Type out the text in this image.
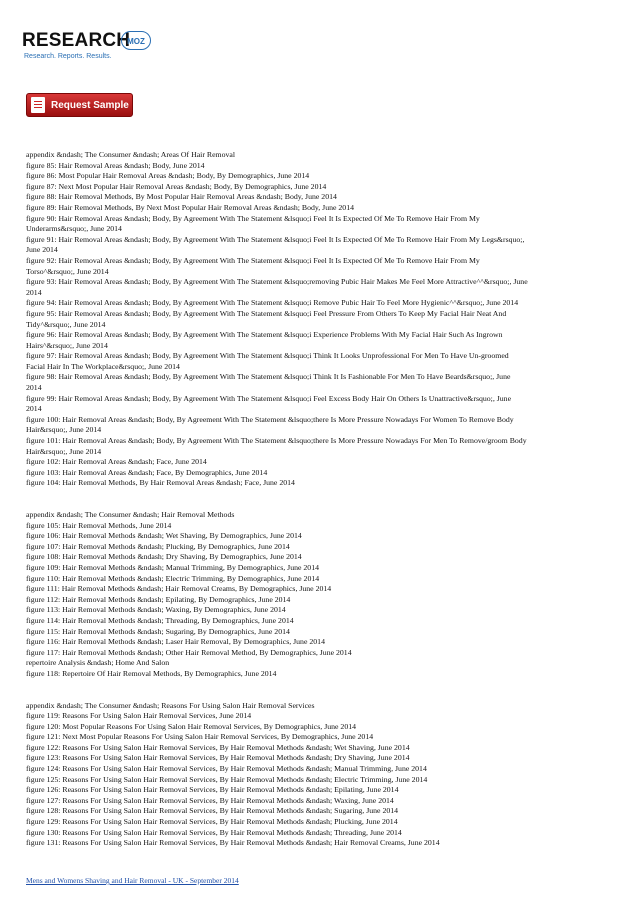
RESEARCH
MOZ
Research. Reports. Results.
Request Sample
appendix &ndash; The Consumer &ndash; Areas Of Hair Removal
figure 85: Hair Removal Areas &ndash; Body, June 2014
figure 86: Most Popular Hair Removal Areas &ndash; Body, By Demographics, June 2014
figure 87: Next Most Popular Hair Removal Areas &ndash; Body, By Demographics, June 2014
figure 88: Hair Removal Methods, By Most Popular Hair Removal Areas &ndash; Body, June 2014
figure 89: Hair Removal Methods, By Next Most Popular Hair Removal Areas &ndash; Body, June 2014
figure 90: Hair Removal Areas &ndash; Body, By Agreement With The Statement &lsquo;i Feel It Is Expected Of Me To Remove Hair From My
Underarms&rsquo;, June 2014
figure 91: Hair Removal Areas &ndash; Body, By Agreement With The Statement &lsquo;i Feel It Is Expected Of Me To Remove Hair From My Legs&rsquo;,
June 2014
figure 92: Hair Removal Areas &ndash; Body, By Agreement With The Statement &lsquo;i Feel It Is Expected Of Me To Remove Hair From My
Torso^&rsquo;, June 2014
figure 93: Hair Removal Areas &ndash; Body, By Agreement With The Statement &lsquo;removing Pubic Hair Makes Me Feel More Attractive^^&rsquo;, June
2014
figure 94: Hair Removal Areas &ndash; Body, By Agreement With The Statement &lsquo;i Remove Pubic Hair To Feel More Hygienic^^&rsquo;, June 2014
figure 95: Hair Removal Areas &ndash; Body, By Agreement With The Statement &lsquo;i Feel Pressure From Others To Keep My Facial Hair Neat And
Tidy^&rsquo;, June 2014
figure 96: Hair Removal Areas &ndash; Body, By Agreement With The Statement &lsquo;i Experience Problems With My Facial Hair Such As Ingrown
Hairs^&rsquo;, June 2014
figure 97: Hair Removal Areas &ndash; Body, By Agreement With The Statement &lsquo;i Think It Looks Unprofessional For Men To Have Un-groomed
Facial Hair In The Workplace&rsquo;, June 2014
figure 98: Hair Removal Areas &ndash; Body, By Agreement With The Statement &lsquo;i Think It Is Fashionable For Men To Have Beards&rsquo;, June
2014
figure 99: Hair Removal Areas &ndash; Body, By Agreement With The Statement &lsquo;i Feel Excess Body Hair On Others Is Unattractive&rsquo;, June
2014
figure 100: Hair Removal Areas &ndash; Body, By Agreement With The Statement &lsquo;there Is More Pressure Nowadays For Women To Remove Body
Hair&rsquo;, June 2014
figure 101: Hair Removal Areas &ndash; Body, By Agreement With The Statement &lsquo;there Is More Pressure Nowadays For Men To Remove/groom Body
Hair&rsquo;, June 2014
figure 102: Hair Removal Areas &ndash; Face, June 2014
figure 103: Hair Removal Areas &ndash; Face, By Demographics, June 2014
figure 104: Hair Removal Methods, By Hair Removal Areas &ndash; Face, June 2014
appendix &ndash; The Consumer &ndash; Hair Removal Methods
figure 105: Hair Removal Methods, June 2014
figure 106: Hair Removal Methods &ndash; Wet Shaving, By Demographics, June 2014
figure 107: Hair Removal Methods &ndash; Plucking, By Demographics, June 2014
figure 108: Hair Removal Methods &ndash; Dry Shaving, By Demographics, June 2014
figure 109: Hair Removal Methods &ndash; Manual Trimming, By Demographics, June 2014
figure 110: Hair Removal Methods &ndash; Electric Trimming, By Demographics, June 2014
figure 111: Hair Removal Methods &ndash; Hair Removal Creams, By Demographics, June 2014
figure 112: Hair Removal Methods &ndash; Epilating, By Demographics, June 2014
figure 113: Hair Removal Methods &ndash; Waxing, By Demographics, June 2014
figure 114: Hair Removal Methods &ndash; Threading, By Demographics, June 2014
figure 115: Hair Removal Methods &ndash; Sugaring, By Demographics, June 2014
figure 116: Hair Removal Methods &ndash; Laser Hair Removal, By Demographics, June 2014
figure 117: Hair Removal Methods &ndash; Other Hair Removal Method, By Demographics, June 2014
repertoire Analysis &ndash; Home And Salon
figure 118: Repertoire Of Hair Removal Methods, By Demographics, June 2014
appendix &ndash; The Consumer &ndash; Reasons For Using Salon Hair Removal Services
figure 119: Reasons For Using Salon Hair Removal Services, June 2014
figure 120: Most Popular Reasons For Using Salon Hair Removal Services, By Demographics, June 2014
figure 121: Next Most Popular Reasons For Using Salon Hair Removal Services, By Demographics, June 2014
figure 122: Reasons For Using Salon Hair Removal Services, By Hair Removal Methods &ndash; Wet Shaving, June 2014
figure 123: Reasons For Using Salon Hair Removal Services, By Hair Removal Methods &ndash; Dry Shaving, June 2014
figure 124: Reasons For Using Salon Hair Removal Services, By Hair Removal Methods &ndash; Manual Trimming, June 2014
figure 125: Reasons For Using Salon Hair Removal Services, By Hair Removal Methods &ndash; Electric Trimming, June 2014
figure 126: Reasons For Using Salon Hair Removal Services, By Hair Removal Methods &ndash; Epilating, June 2014
figure 127: Reasons For Using Salon Hair Removal Services, By Hair Removal Methods &ndash; Waxing, June 2014
figure 128: Reasons For Using Salon Hair Removal Services, By Hair Removal Methods &ndash; Sugaring, June 2014
figure 129: Reasons For Using Salon Hair Removal Services, By Hair Removal Methods &ndash; Plucking, June 2014
figure 130: Reasons For Using Salon Hair Removal Services, By Hair Removal Methods &ndash; Threading, June 2014
figure 131: Reasons For Using Salon Hair Removal Services, By Hair Removal Methods &ndash; Hair Removal Creams, June 2014
Mens and Womens Shaving and Hair Removal - UK - September 2014
